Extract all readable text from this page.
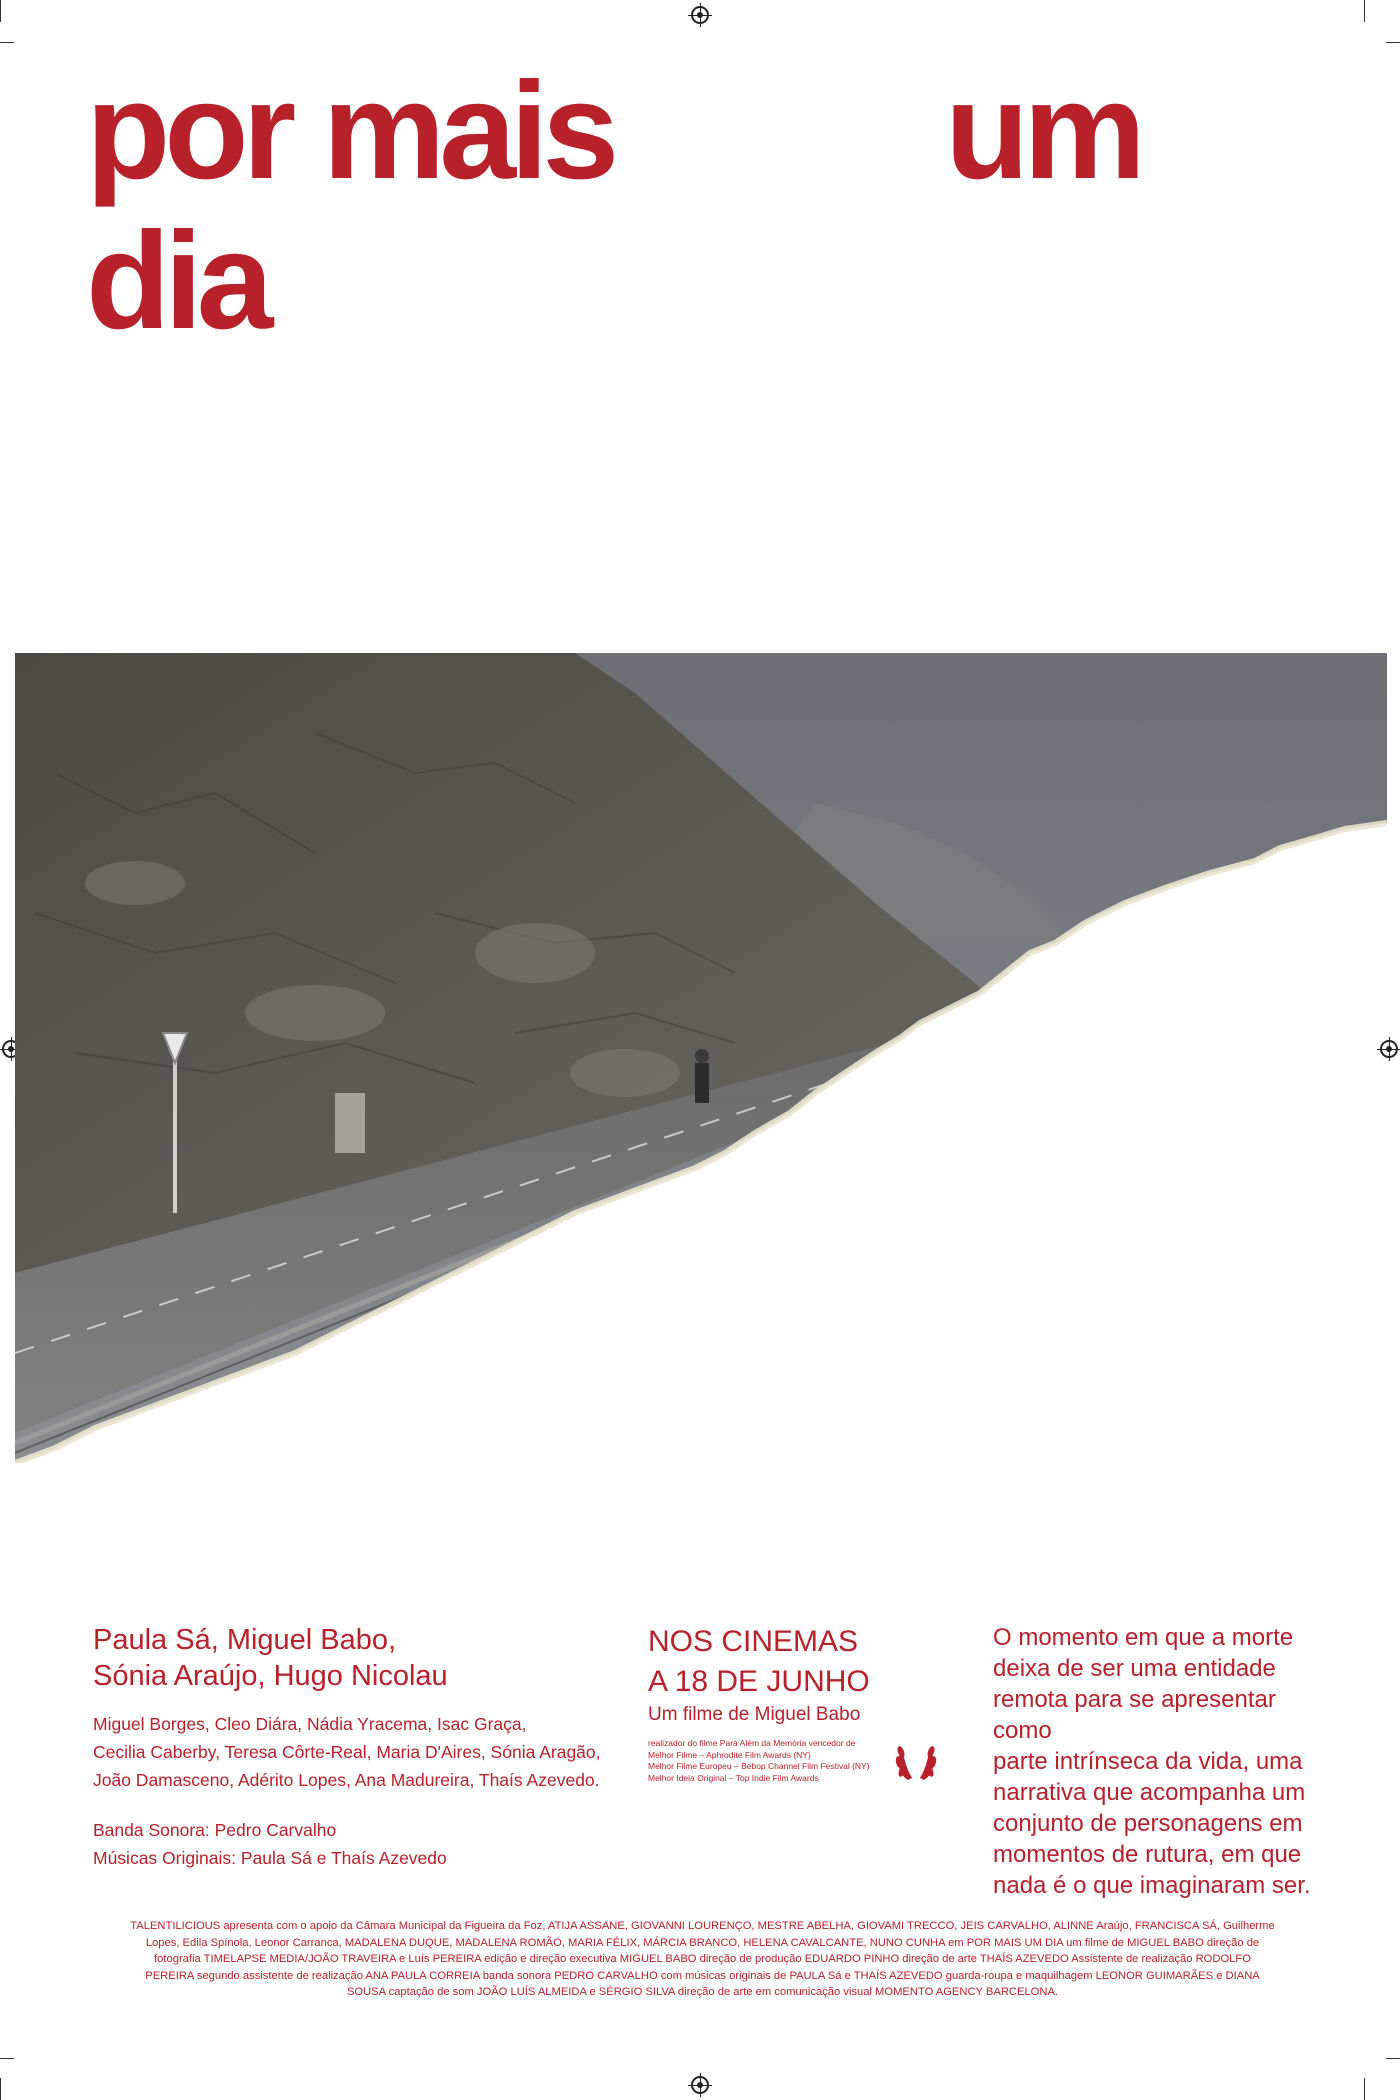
por mais um
dia

Paula Sá, Miguel Babo,

Sónia Araújo, Hugo Nicolau

Miguel Borges, Cleo Diára, Nádia Yracema, Isac Graça,

Cecilia Caberby, Teresa Côrte-Real, Maria D'Aires, Sónia Aragão,

João Damasceno, Adérito Lopes, Ana Madureira, Thaís Azevedo.

Banda Sonora: Pedro Carvalho

Músicas Originais: Paula Sá e Thaís Azevedo

NOS CINEMAS

A 18 DE JUNHO

Um filme de Miguel Babo

realizador do filme Para Além da Memória vencedor de

Melhor Filme – Aphrodite Film Awards (NY)

Melhor Filme Europeu – Bebop Channel Film Festival (NY)

Melhor Ideia Original – Top Indie Film Awards

O momento em que a morte

deixa de ser uma entidade

remota para se apresentar como

parte intrínseca da vida, uma

narrativa que acompanha um

conjunto de personagens em

momentos de rutura, em que

nada é o que imaginaram ser.

TALENTILICIOUS apresenta com o apoio da Câmara Municipal da Figueira da Foz, ATIJA ASSANE, GIOVANNI LOURENÇO, MESTRE ABELHA, GIOVAMI TRECCO, JEIS CARVALHO, ALINNE Araújo, FRANCISCA SÁ, Guilherme
Lopes, Edila Spínola, Leonor Carranca, MADALENA DUQUE, MADALENA ROMÃO, MARIA FÉLIX, MÁRCIA BRANCO, HELENA CAVALCANTE, NUNO CUNHA em POR MAIS UM DIA um filme de MIGUEL BABO direção de
fotografia TIMELAPSE MEDIA/JOÃO TRAVEIRA e Luís PEREIRA edição e direção executiva MIGUEL BABO direção de produção EDUARDO PINHO direção de arte THAÍS AZEVEDO Assistente de realização RODOLFO
PEREIRA segundo assistente de realização ANA PAULA CORREIA banda sonora PEDRO CARVALHO com músicas originais de PAULA Sá e THAÍS AZEVEDO guarda-roupa e maquilhagem LEONOR GUIMARÃES e DIANA
SOUSA captação de som JOÃO LUÍS ALMEIDA e SÉRGIO SILVA direção de arte em comunicação visual MOMENTO AGENCY BARCELONA.
